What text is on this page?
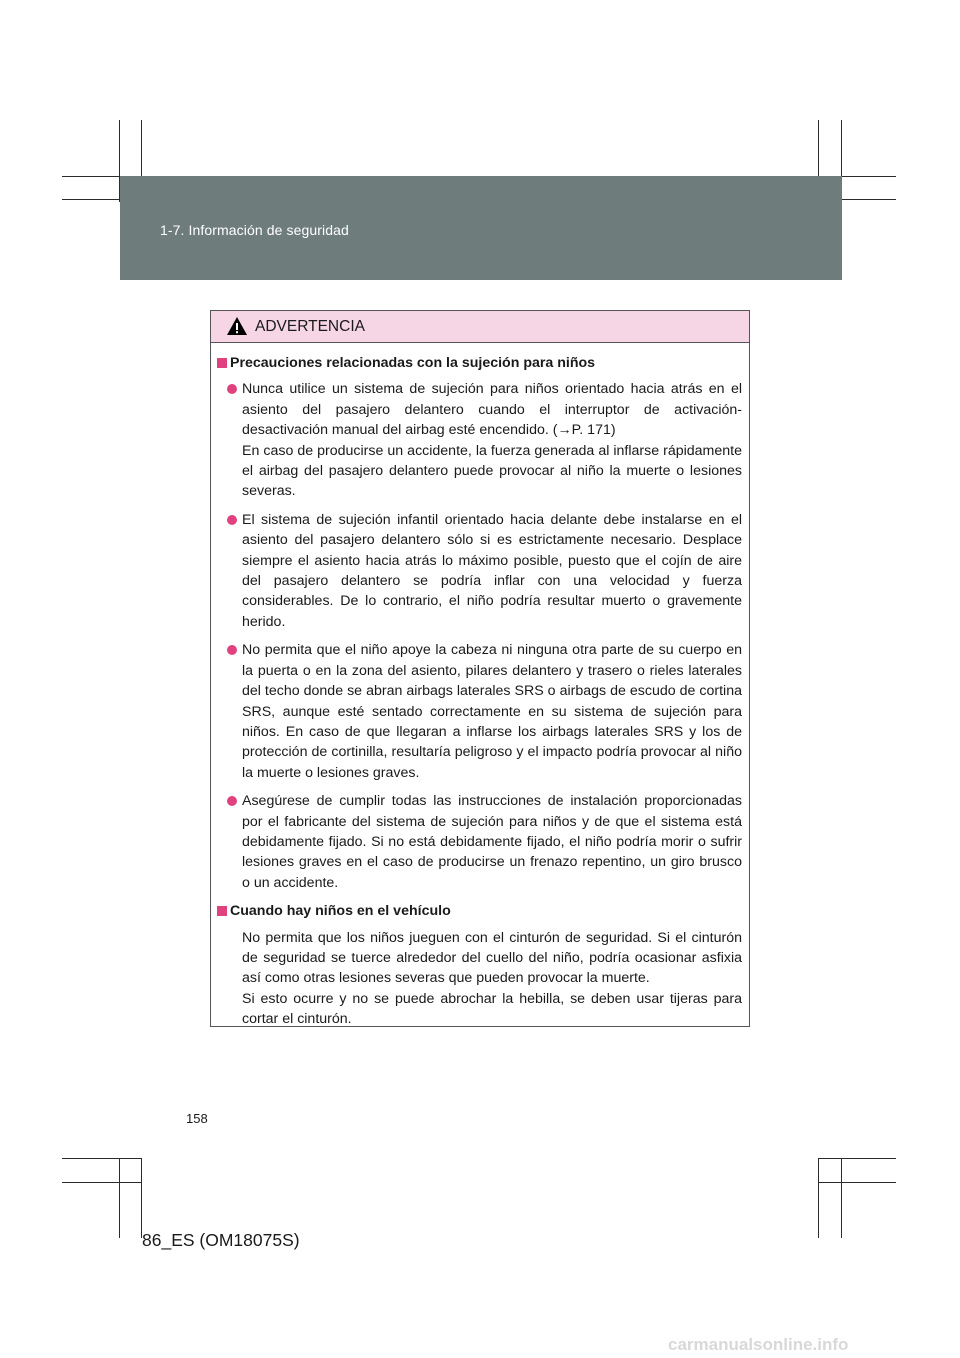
1-7. Información de seguridad
ADVERTENCIA
Precauciones relacionadas con la sujeción para niños
Nunca utilice un sistema de sujeción para niños orientado hacia atrás en el asiento del pasajero delantero cuando el interruptor de activación-desactivación manual del airbag esté encendido. (→P. 171)
En caso de producirse un accidente, la fuerza generada al inflarse rápidamente el airbag del pasajero delantero puede provocar al niño la muerte o lesiones severas.
El sistema de sujeción infantil orientado hacia delante debe instalarse en el asiento del pasajero delantero sólo si es estrictamente necesario. Desplace siempre el asiento hacia atrás lo máximo posible, puesto que el cojín de aire del pasajero delantero se podría inflar con una velocidad y fuerza considerables. De lo contrario, el niño podría resultar muerto o gravemente herido.
No permita que el niño apoye la cabeza ni ninguna otra parte de su cuerpo en la puerta o en la zona del asiento, pilares delantero y trasero o rieles laterales del techo donde se abran airbags laterales SRS o airbags de escudo de cortina SRS, aunque esté sentado correctamente en su sistema de sujeción para niños. En caso de que llegaran a inflarse los airbags laterales SRS y los de protección de cortinilla, resultaría peligroso y el impacto podría provocar al niño la muerte o lesiones graves.
Asegúrese de cumplir todas las instrucciones de instalación proporcionadas por el fabricante del sistema de sujeción para niños y de que el sistema está debidamente fijado. Si no está debidamente fijado, el niño podría morir o sufrir lesiones graves en el caso de producirse un frenazo repentino, un giro brusco o un accidente.
Cuando hay niños en el vehículo
No permita que los niños jueguen con el cinturón de seguridad. Si el cinturón de seguridad se tuerce alrededor del cuello del niño, podría ocasionar asfixia así como otras lesiones severas que pueden provocar la muerte.
Si esto ocurre y no se puede abrochar la hebilla, se deben usar tijeras para cortar el cinturón.
158
86_ES (OM18075S)
carmanualsonline.info
